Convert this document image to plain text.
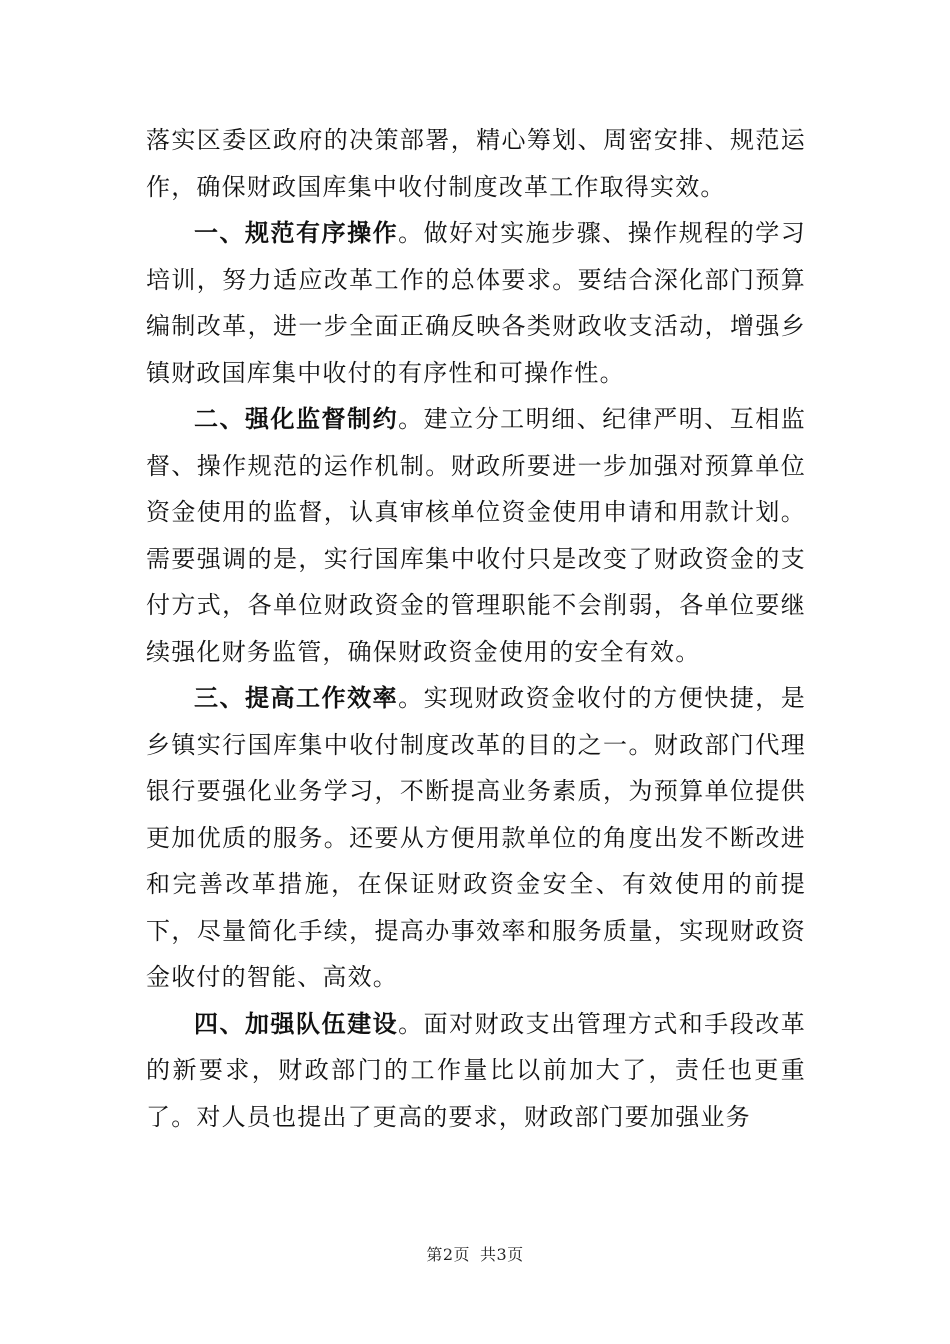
落实区委区政府的决策部署，精心筹划、周密安排、规范运作，确保财政国库集中收付制度改革工作取得实效。

一、规范有序操作。做好对实施步骤、操作规程的学习培训，努力适应改革工作的总体要求。要结合深化部门预算编制改革，进一步全面正确反映各类财政收支活动，增强乡镇财政国库集中收付的有序性和可操作性。

二、强化监督制约。建立分工明细、纪律严明、互相监督、操作规范的运作机制。财政所要进一步加强对预算单位资金使用的监督，认真审核单位资金使用申请和用款计划。需要强调的是，实行国库集中收付只是改变了财政资金的支付方式，各单位财政资金的管理职能不会削弱，各单位要继续强化财务监管，确保财政资金使用的安全有效。

三、提高工作效率。实现财政资金收付的方便快捷，是乡镇实行国库集中收付制度改革的目的之一。财政部门代理银行要强化业务学习，不断提高业务素质，为预算单位提供更加优质的服务。还要从方便用款单位的角度出发不断改进和完善改革措施，在保证财政资金安全、有效使用的前提下，尽量简化手续，提高办事效率和服务质量，实现财政资金收付的智能、高效。

四、加强队伍建设。面对财政支出管理方式和手段改革的新要求，财政部门的工作量比以前加大了，责任也更重了。对人员也提出了更高的要求，财政部门要加强业务

第2页 共3页
